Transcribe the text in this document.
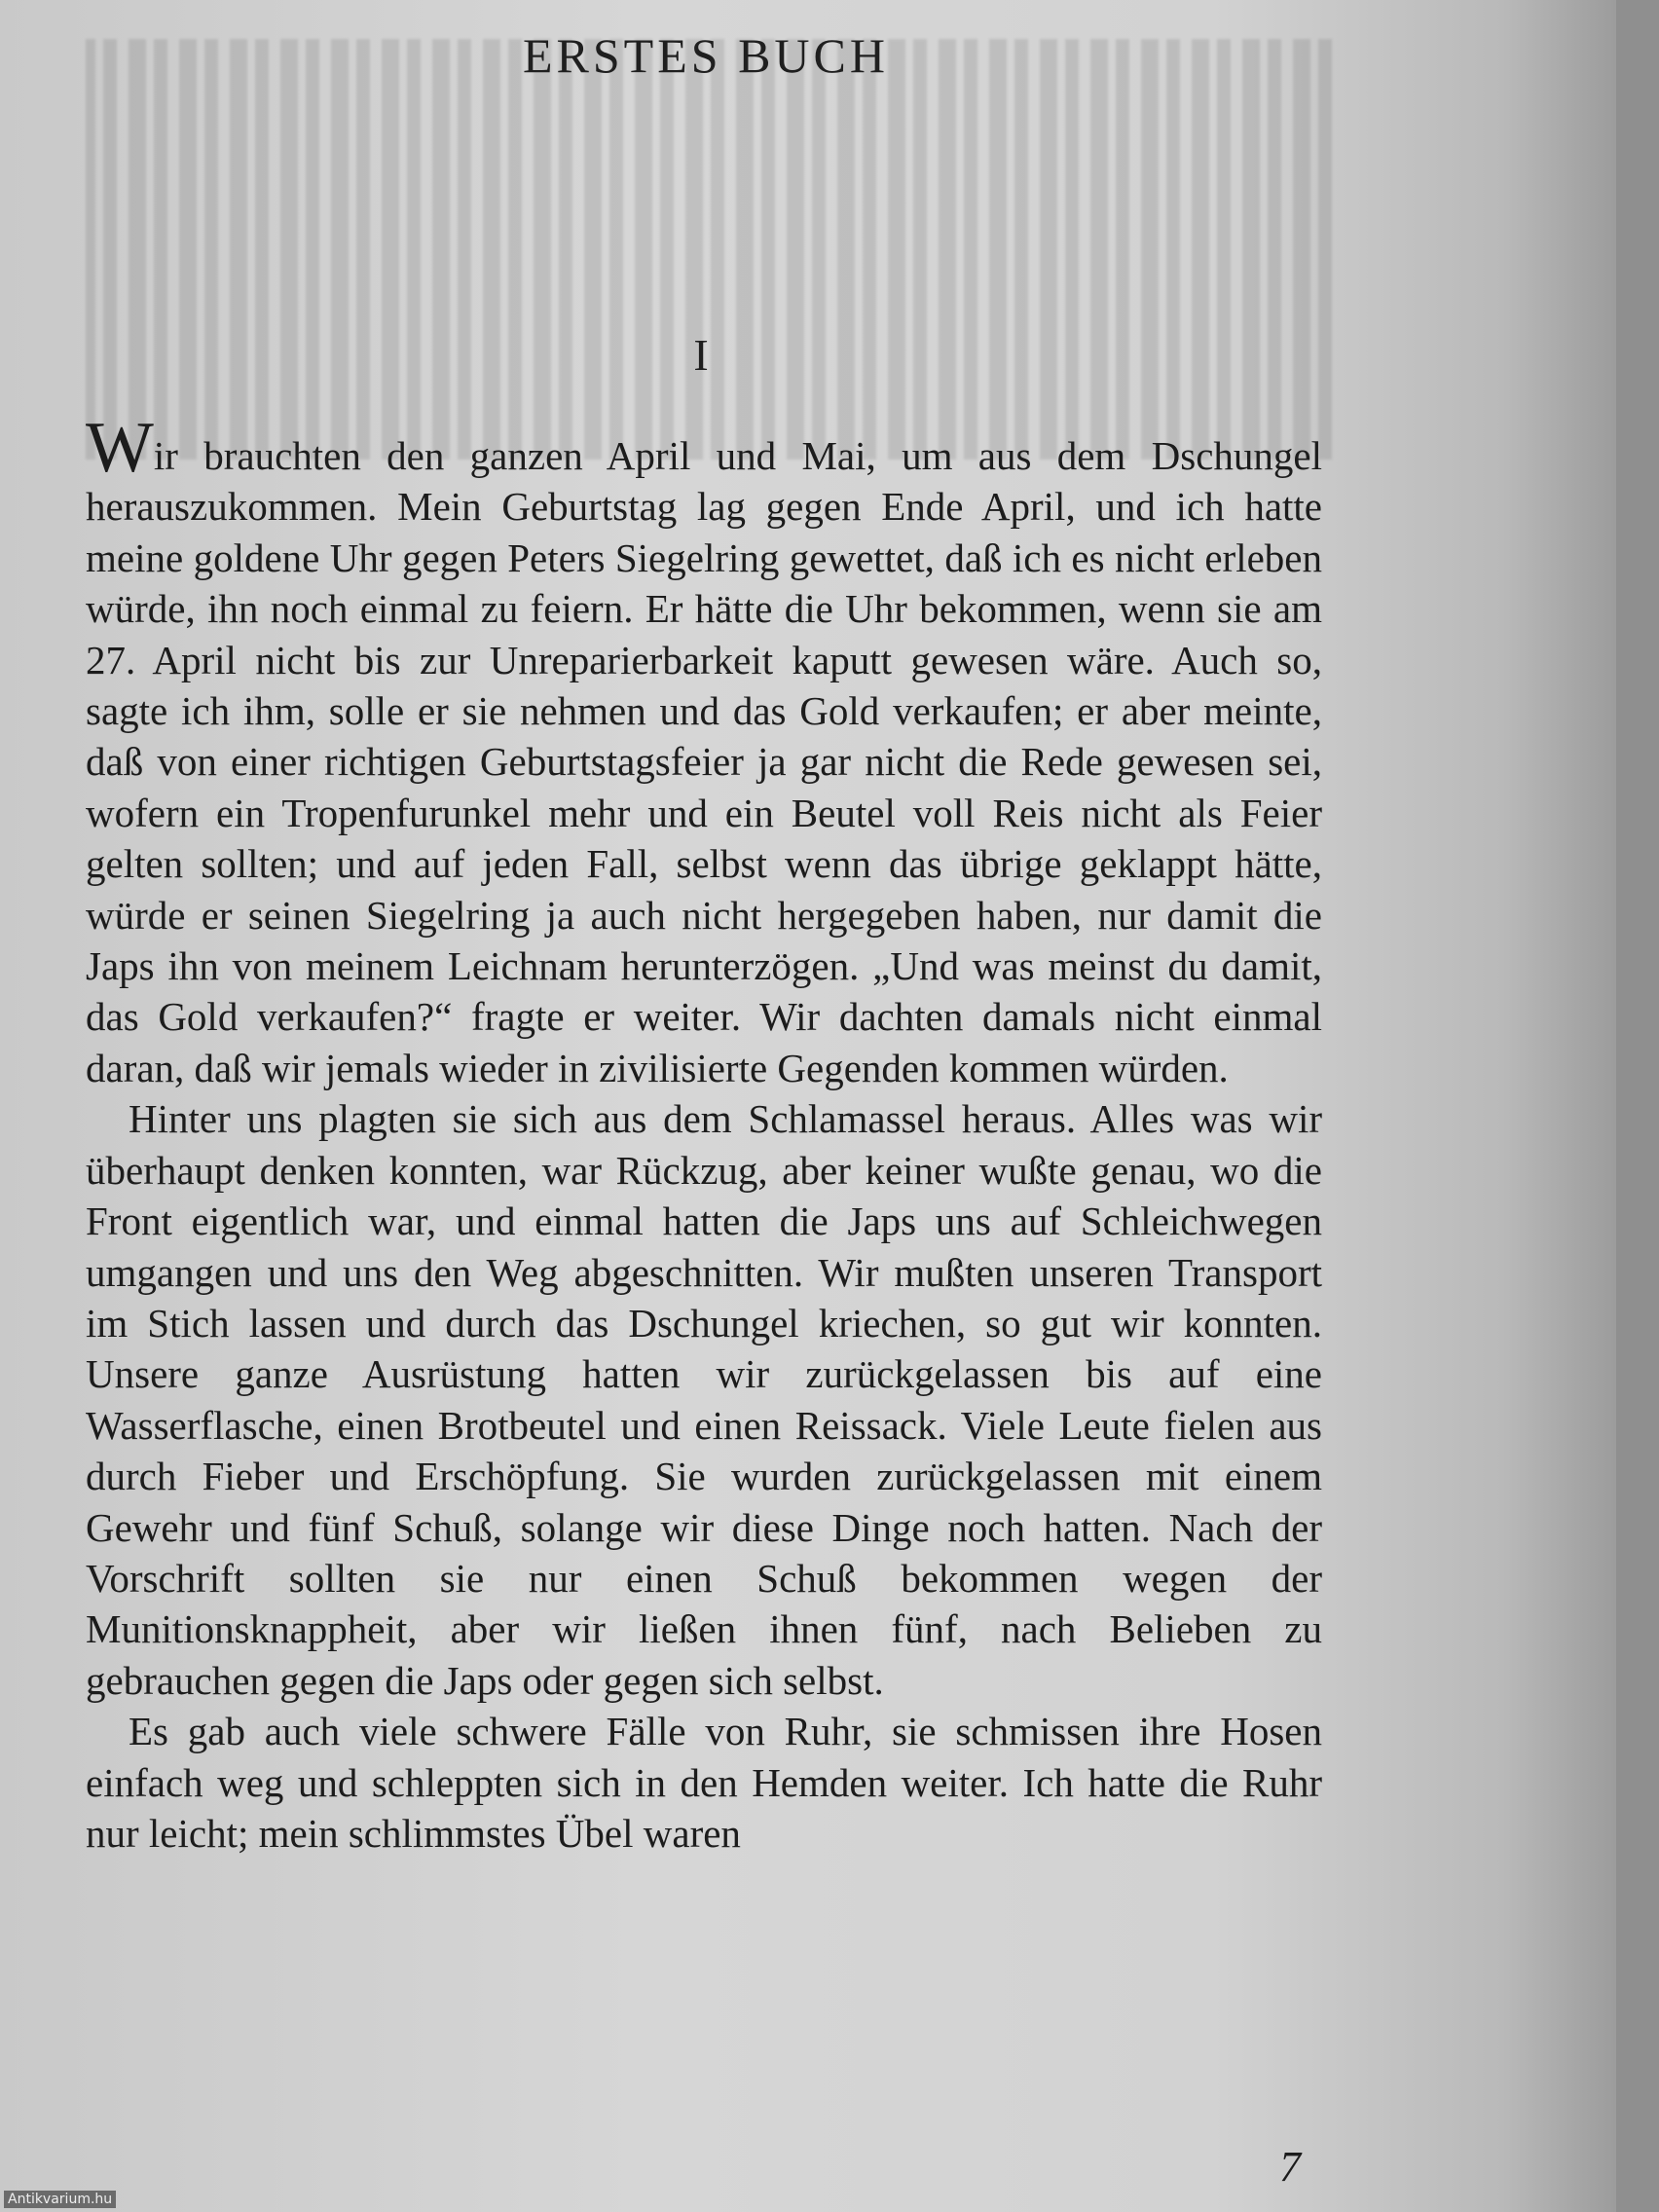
ERSTES BUCH
I

Wir brauchten den ganzen April und Mai, um aus dem Dschungel herauszukommen. Mein Geburtstag lag gegen Ende April, und ich hatte meine goldene Uhr gegen Peters Siegelring gewettet, daß ich es nicht erleben würde, ihn noch einmal zu feiern. Er hätte die Uhr bekommen, wenn sie am 27. April nicht bis zur Unreparierbarkeit kaputt gewesen wäre. Auch so, sagte ich ihm, solle er sie nehmen und das Gold verkaufen; er aber meinte, daß von einer richtigen Geburtstagsfeier ja gar nicht die Rede gewesen sei, wofern ein Tropenfurunkel mehr und ein Beutel voll Reis nicht als Feier gelten sollten; und auf jeden Fall, selbst wenn das übrige geklappt hätte, würde er seinen Siegelring ja auch nicht hergegeben haben, nur damit die Japs ihn von meinem Leichnam herunterzögen. „Und was meinst du damit, das Gold verkaufen?“ fragte er weiter. Wir dachten damals nicht einmal daran, daß wir jemals wieder in zivilisierte Gegenden kommen würden.

Hinter uns plagten sie sich aus dem Schlamassel heraus. Alles was wir überhaupt denken konnten, war Rückzug, aber keiner wußte genau, wo die Front eigentlich war, und einmal hatten die Japs uns auf Schleichwegen umgangen und uns den Weg abgeschnitten. Wir mußten unseren Transport im Stich lassen und durch das Dschungel kriechen, so gut wir konnten. Unsere ganze Ausrüstung hatten wir zurückgelassen bis auf eine Wasserflasche, einen Brotbeutel und einen Reissack. Viele Leute fielen aus durch Fieber und Erschöpfung. Sie wurden zurückgelassen mit einem Gewehr und fünf Schuß, solange wir diese Dinge noch hatten. Nach der Vorschrift sollten sie nur einen Schuß bekommen wegen der Munitionsknappheit, aber wir ließen ihnen fünf, nach Belieben zu gebrauchen gegen die Japs oder gegen sich selbst.

Es gab auch viele schwere Fälle von Ruhr, sie schmissen ihre Hosen einfach weg und schleppten sich in den Hemden weiter. Ich hatte die Ruhr nur leicht; mein schlimmstes Übel waren

7
Antikvarium.hu
